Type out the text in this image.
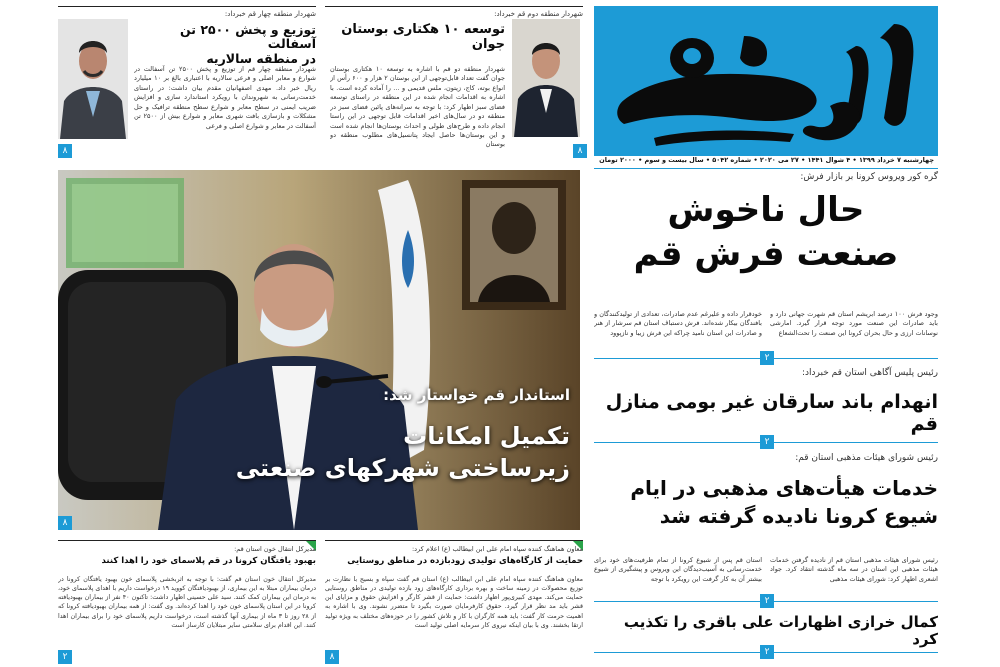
چهارشنبه ۷ خرداد ۱۳۹۹ • ۴ شوال ۱۴۴۱ • ۲۷ می ۲۰۲۰ • شماره ۵۰۴۲ • سال بیست و سوم • ۲۰۰۰ تومان
شهردار منطقه دوم قم خبرداد:
توسعه ۱۰ هکتاری بوستان
جوان
شهردار منطقه دو قم با اشاره به توسعه ۱۰ هکتاری بوستان جوان گفت تعداد قابل‌توجهی از این بوستان ۲ هزار و ۶۰۰ رأس از انواع بوته، کاج، زیتون، ملس قدیمی و ... را آماده کرده است. با اشاره به اقدامات انجام شده در این منطقه در راستای توسعه فضای سبز اظهار کرد: با توجه به سرانه‌های پائین فضای سبز در منطقه دو در سال‌های اخیر اقدامات قابل توجهی در این راستا انجام داده و طرح‌های طولی و احداث بوستان‌ها انجام شده است و این بوستان‌ها حاصل ایجاد پتانسیل‌های مطلوب منطقه دو بوستان
۸
شهردار منطقه چهار قم خبرداد:
توزیع و پخش ۲۵۰۰ تن آسفالت
در منطقه سالاریه
شهردار منطقه چهار قم از توزیع و پخش ۲۵۰۰ تن آسفالت در شوارع و معابر اصلی و فرعی سالاریه با اعتباری بالغ بر ۱۰ میلیارد ریال خبر داد. مهدی اصفهانیان مقدم بیان داشت: در راستای خدمت‌رسانی به شهروندان با رویکرد استاندارد سازی و افزایش ضریب ایمنی در سطح معابر و شوارع سطح منطقه ترافیک و حل مشکلات و بازسازی بافت شهری معابر و شوارع بیش از ۲۵۰۰ تن آسفالت در معابر و شوارع اصلی و فرعی
۸
استاندار قم خواستار شد:
تکمیل امکانات
زیرساختی شهرکهای صنعتی
۸
گره کور ویروس کرونا بر بازار فرش:
حال ناخوش
صنعت فرش قم
وجود فرش ۱۰۰ درصد ابریشم استان قم شهرت جهانی دارد و باید صادرات این صنعت مورد توجه قرار گیرد. امارشی نوسانات ارزی و حال بحران کرونا این صنعت را تحت‌الشعاع
خودقرار داده و علیرغم عدم صادرات، تعدادی از تولیدکنندگان و بافندگان بیکار شده‌اند. فرش دستباف استان قم سرشار از هنر و صادرات این استان نامید چراکه این فرش زیبا و نازپوود
۲
رئیس پلیس آگاهی استان قم خبرداد:
انهدام باند سارقان غیر بومی منازل قم
۲
رئیس شورای هیئات مذهبی استان قم:
خدمات هیأت‌های مذهبی در ایام
شیوع کرونا نادیده گرفته شد
رئیس شورای هیئات مذهبی استان قم از نادیده گرفتن خدمات هیئات مذهبی این استان در سه ماه گذشته انتقاد کرد. جواد اشعری اظهار کرد: شورای هیئات مذهبی
استان قم پس از شیوع کرونا از تمام ظرفیت‌های خود برای خدمت‌رسانی به آسیب‌دیدگان این ویروس و پیشگیری از شیوع بیشتر آن به کار گرفت این رویکرد با توجه
۲
کمال خرازی اظهارات علی باقری را تکذیب کرد
۲
معاون هماهنگ کننده سپاه امام علی ابن ابیطالب (ع) اعلام کرد:
حمایت از کارگاه‌های تولیدی زودبازده در مناطق روستایی
معاون هماهنگ کننده سپاه امام علی ابن ابیطالب (ع) استان قم گفت سپاه و بسیج با نظارت بر توزیع محصولات در زمینه ساخت و بهره برداری کارگاه‌های زود بازده تولیدی در مناطق روستایی حمایت می‌کند. مهدی کبیری‌پور اظهار داشت: حمایت از قشر کارگر و افزایش حقوق و مزایای این قشر باید مد نظر قرار گیرد. حقوق کارفرمایان صورت بگیرد تا متضرر نشوند. وی با اشاره به اهمیت حرمت کار گفت: باید همه کارگران با کار و تلاش کشور را در حوزه‌های مختلف به ویژه تولید ارتقا بخشند. وی با بیان اینکه نیروی کار سرمایه اصلی تولید است
۸
مدیرکل انتقال خون استان قم:
بهبود یافتگان کرونا در قم پلاسمای خود را اهدا کنند
مدیرکل انتقال خون استان قم گفت: با توجه به اثربخشی پلاسمای خون بهبود یافتگان کرونا در درمان بیماران مبتلا به این بیماری، از بهبودیافتگان کووید ۱۹ درخواست داریم با اهدای پلاسمای خود، به درمان این بیماران کمک کنند. سید علی حسینی اظهار داشت: تاکنون ۴۰ نفر از بیماران بهبودیافته کرونا در این استان پلاسمای خون خود را اهدا کرده‌اند. وی گفت: از همه بیماران بهبودیافته کرونا که از ۲۸ روز تا ۳ ماه از بیماری آنها گذشته است، درخواست داریم پلاسمای خود را برای بیماران اهدا کنند. این اقدام برای سلامتی سایر مبتلایان کارساز است
۲
